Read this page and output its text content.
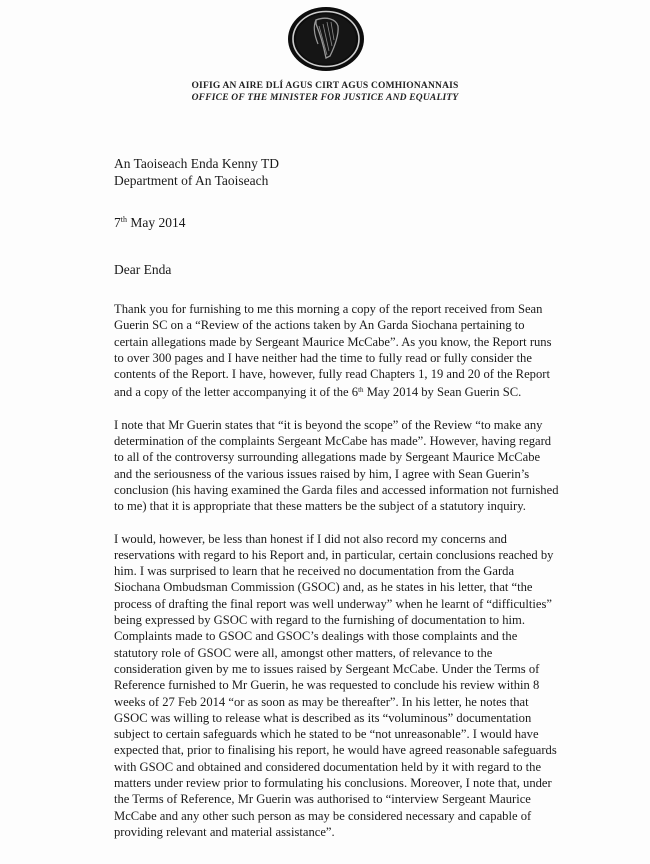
OIFIG AN AIRE DLÍ AGUS CIRT AGUS COMHIONANNAIS
OFFICE OF THE MINISTER FOR JUSTICE AND EQUALITY
An Taoiseach Enda Kenny TD
Department of An Taoiseach
7th May 2014
Dear Enda

Thank you for furnishing to me this morning a copy of the report received from Sean Guerin SC on a “Review of the actions taken by An Garda Siochana pertaining to certain allegations made by Sergeant Maurice McCabe”. As you know, the Report runs to over 300 pages and I have neither had the time to fully read or fully consider the contents of the Report. I have, however, fully read Chapters 1, 19 and 20 of the Report and a copy of the letter accompanying it of the 6th May 2014 by Sean Guerin SC.

I note that Mr Guerin states that “it is beyond the scope” of the Review “to make any determination of the complaints Sergeant McCabe has made”. However, having regard to all of the controversy surrounding allegations made by Sergeant Maurice McCabe and the seriousness of the various issues raised by him, I agree with Sean Guerin’s conclusion (his having examined the Garda files and accessed information not furnished to me) that it is appropriate that these matters be the subject of a statutory inquiry.

I would, however, be less than honest if I did not also record my concerns and reservations with regard to his Report and, in particular, certain conclusions reached by him. I was surprised to learn that he received no documentation from the Garda Siochana Ombudsman Commission (GSOC) and, as he states in his letter, that “the process of drafting the final report was well underway” when he learnt of “difficulties” being expressed by GSOC with regard to the furnishing of documentation to him. Complaints made to GSOC and GSOC’s dealings with those complaints and the statutory role of GSOC were all, amongst other matters, of relevance to the consideration given by me to issues raised by Sergeant McCabe. Under the Terms of Reference furnished to Mr Guerin, he was requested to conclude his review within 8 weeks of 27 Feb 2014 “or as soon as may be thereafter”. In his letter, he notes that GSOC was willing to release what is described as its “voluminous” documentation subject to certain safeguards which he stated to be “not unreasonable”. I would have expected that, prior to finalising his report, he would have agreed reasonable safeguards with GSOC and obtained and considered documentation held by it with regard to the matters under review prior to formulating his conclusions. Moreover, I note that, under the Terms of Reference, Mr Guerin was authorised to “interview Sergeant Maurice McCabe and any other such person as may be considered necessary and capable of providing relevant and material assistance”.
